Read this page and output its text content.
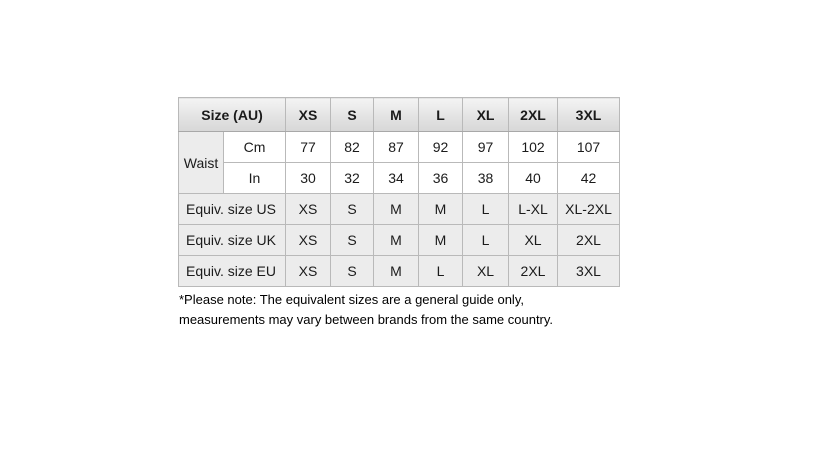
Size (AU)		XS	S	M	L	XL	2XL	3XL
Waist	Cm	77	82	87	92	97	102	107
	In	30	32	34	36	38	40	42
Equiv. size US		XS	S	M	M	L	L-XL	XL-2XL
Equiv. size UK		XS	S	M	M	L	XL	2XL
Equiv. size EU		XS	S	M	L	XL	2XL	3XL

*Please note: The equivalent sizes are a general guide only, measurements may vary between brands from the same country.
